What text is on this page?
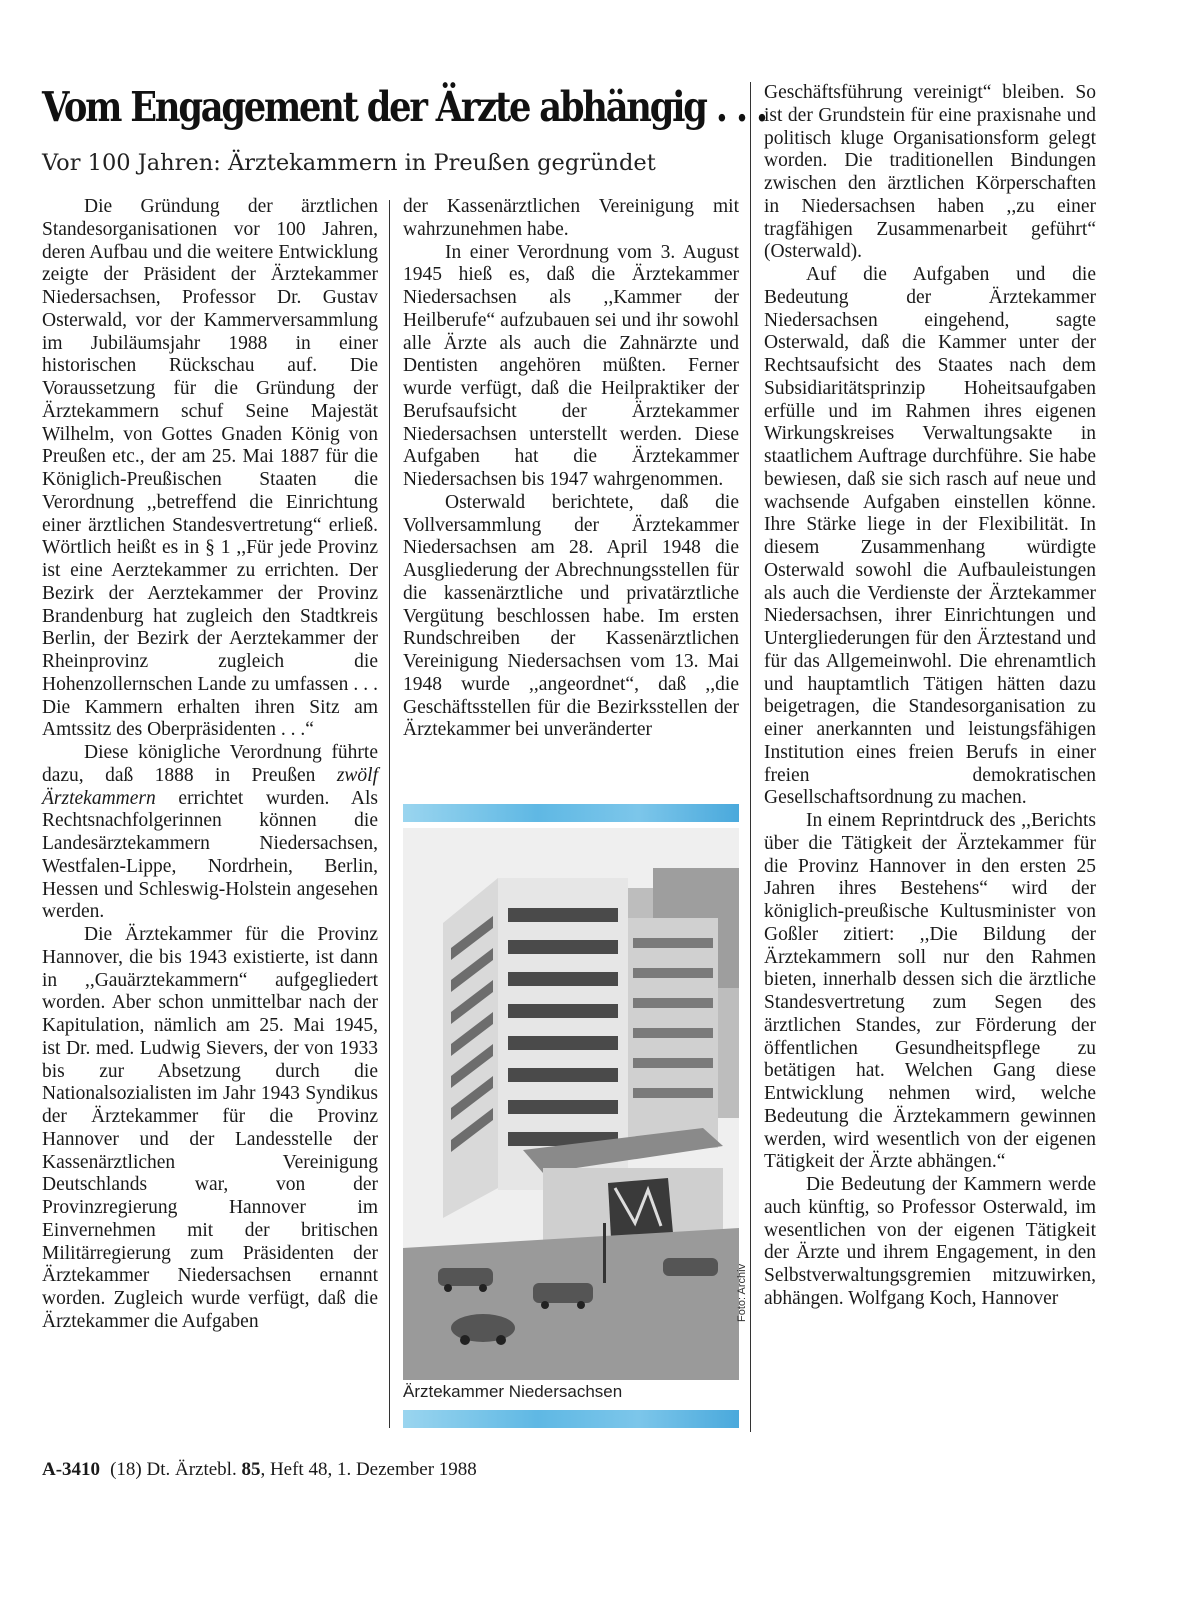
Vom Engagement der Ärzte abhängig . . .
Vor 100 Jahren: Ärztekammern in Preußen gegründet

Die Gründung der ärztlichen Standesorganisationen vor 100 Jahren, deren Aufbau und die weitere Entwicklung zeigte der Präsident der Ärztekammer Niedersachsen, Professor Dr. Gustav Osterwald, vor der Kammerversammlung im Jubiläumsjahr 1988 in einer historischen Rückschau auf. Die Voraussetzung für die Gründung der Ärztekammern schuf Seine Majestät Wilhelm, von Gottes Gnaden König von Preußen etc., der am 25. Mai 1887 für die Königlich-Preußischen Staaten die Verordnung ,,betreffend die Einrichtung einer ärztlichen Standesvertretung“ erließ. Wörtlich heißt es in § 1 ,,Für jede Provinz ist eine Aerztekammer zu errichten. Der Bezirk der Aerztekammer der Provinz Brandenburg hat zugleich den Stadtkreis Berlin, der Bezirk der Aerztekammer der Rheinprovinz zugleich die Hohenzollernschen Lande zu umfassen . . . Die Kammern erhalten ihren Sitz am Amtssitz des Oberpräsidenten . . .“

Diese königliche Verordnung führte dazu, daß 1888 in Preußen zwölf Ärztekammern errichtet wurden. Als Rechtsnachfolgerinnen können die Landesärztekammern Niedersachsen, Westfalen-Lippe, Nordrhein, Berlin, Hessen und Schleswig-Holstein angesehen werden.

Die Ärztekammer für die Provinz Hannover, die bis 1943 existierte, ist dann in ,,Gauärztekammern“ aufgegliedert worden. Aber schon unmittelbar nach der Kapitulation, nämlich am 25. Mai 1945, ist Dr. med. Ludwig Sievers, der von 1933 bis zur Absetzung durch die Nationalsozialisten im Jahr 1943 Syndikus der Ärztekammer für die Provinz Hannover und der Landesstelle der Kassenärztlichen Vereinigung Deutschlands war, von der Provinzregierung Hannover im Einvernehmen mit der britischen Militärregierung zum Präsidenten der Ärztekammer Niedersachsen ernannt worden. Zugleich wurde verfügt, daß die Ärztekammer die Aufgaben

der Kassenärztlichen Vereinigung mit wahrzunehmen habe.

In einer Verordnung vom 3. August 1945 hieß es, daß die Ärztekammer Niedersachsen als ,,Kammer der Heilberufe“ aufzubauen sei und ihr sowohl alle Ärzte als auch die Zahnärzte und Dentisten angehören müßten. Ferner wurde verfügt, daß die Heilpraktiker der Berufsaufsicht der Ärztekammer Niedersachsen unterstellt werden. Diese Aufgaben hat die Ärztekammer Niedersachsen bis 1947 wahrgenommen.

Osterwald berichtete, daß die Vollversammlung der Ärztekammer Niedersachsen am 28. April 1948 die Ausgliederung der Abrechnungsstellen für die kassenärztliche und privatärztliche Vergütung beschlossen habe. Im ersten Rundschreiben der Kassenärztlichen Vereinigung Niedersachsen vom 13. Mai 1948 wurde ,,angeordnet“, daß ,,die Geschäftsstellen für die Bezirksstellen der Ärztekammer bei unveränderter

Foto: Archiv
Ärztekammer Niedersachsen

Geschäftsführung vereinigt“ bleiben. So ist der Grundstein für eine praxisnahe und politisch kluge Organisationsform gelegt worden. Die traditionellen Bindungen zwischen den ärztlichen Körperschaften in Niedersachsen haben ,,zu einer tragfähigen Zusammenarbeit geführt“ (Osterwald).

Auf die Aufgaben und die Bedeutung der Ärztekammer Niedersachsen eingehend, sagte Osterwald, daß die Kammer unter der Rechtsaufsicht des Staates nach dem Subsidiaritätsprinzip Hoheitsaufgaben erfülle und im Rahmen ihres eigenen Wirkungskreises Verwaltungsakte in staatlichem Auftrage durchführe. Sie habe bewiesen, daß sie sich rasch auf neue und wachsende Aufgaben einstellen könne. Ihre Stärke liege in der Flexibilität. In diesem Zusammenhang würdigte Osterwald sowohl die Aufbauleistungen als auch die Verdienste der Ärztekammer Niedersachsen, ihrer Einrichtungen und Untergliederungen für den Ärztestand und für das Allgemeinwohl. Die ehrenamtlich und hauptamtlich Tätigen hätten dazu beigetragen, die Standesorganisation zu einer anerkannten und leistungsfähigen Institution eines freien Berufs in einer freien demokratischen Gesellschaftsordnung zu machen.

In einem Reprintdruck des ,,Berichts über die Tätigkeit der Ärztekammer für die Provinz Hannover in den ersten 25 Jahren ihres Bestehens“ wird der königlich-preußische Kultusminister von Goßler zitiert: ,,Die Bildung der Ärztekammern soll nur den Rahmen bieten, innerhalb dessen sich die ärztliche Standesvertretung zum Segen des ärztlichen Standes, zur Förderung der öffentlichen Gesundheitspflege zu betätigen hat. Welchen Gang diese Entwicklung nehmen wird, welche Bedeutung die Ärztekammern gewinnen werden, wird wesentlich von der eigenen Tätigkeit der Ärzte abhängen.“

Die Bedeutung der Kammern werde auch künftig, so Professor Osterwald, im wesentlichen von der eigenen Tätigkeit der Ärzte und ihrem Engagement, in den Selbstverwaltungsgremien mitzuwirken, abhängen. Wolfgang Koch, Hannover

A-3410 (18) Dt. Ärztebl. 85, Heft 48, 1. Dezember 1988
